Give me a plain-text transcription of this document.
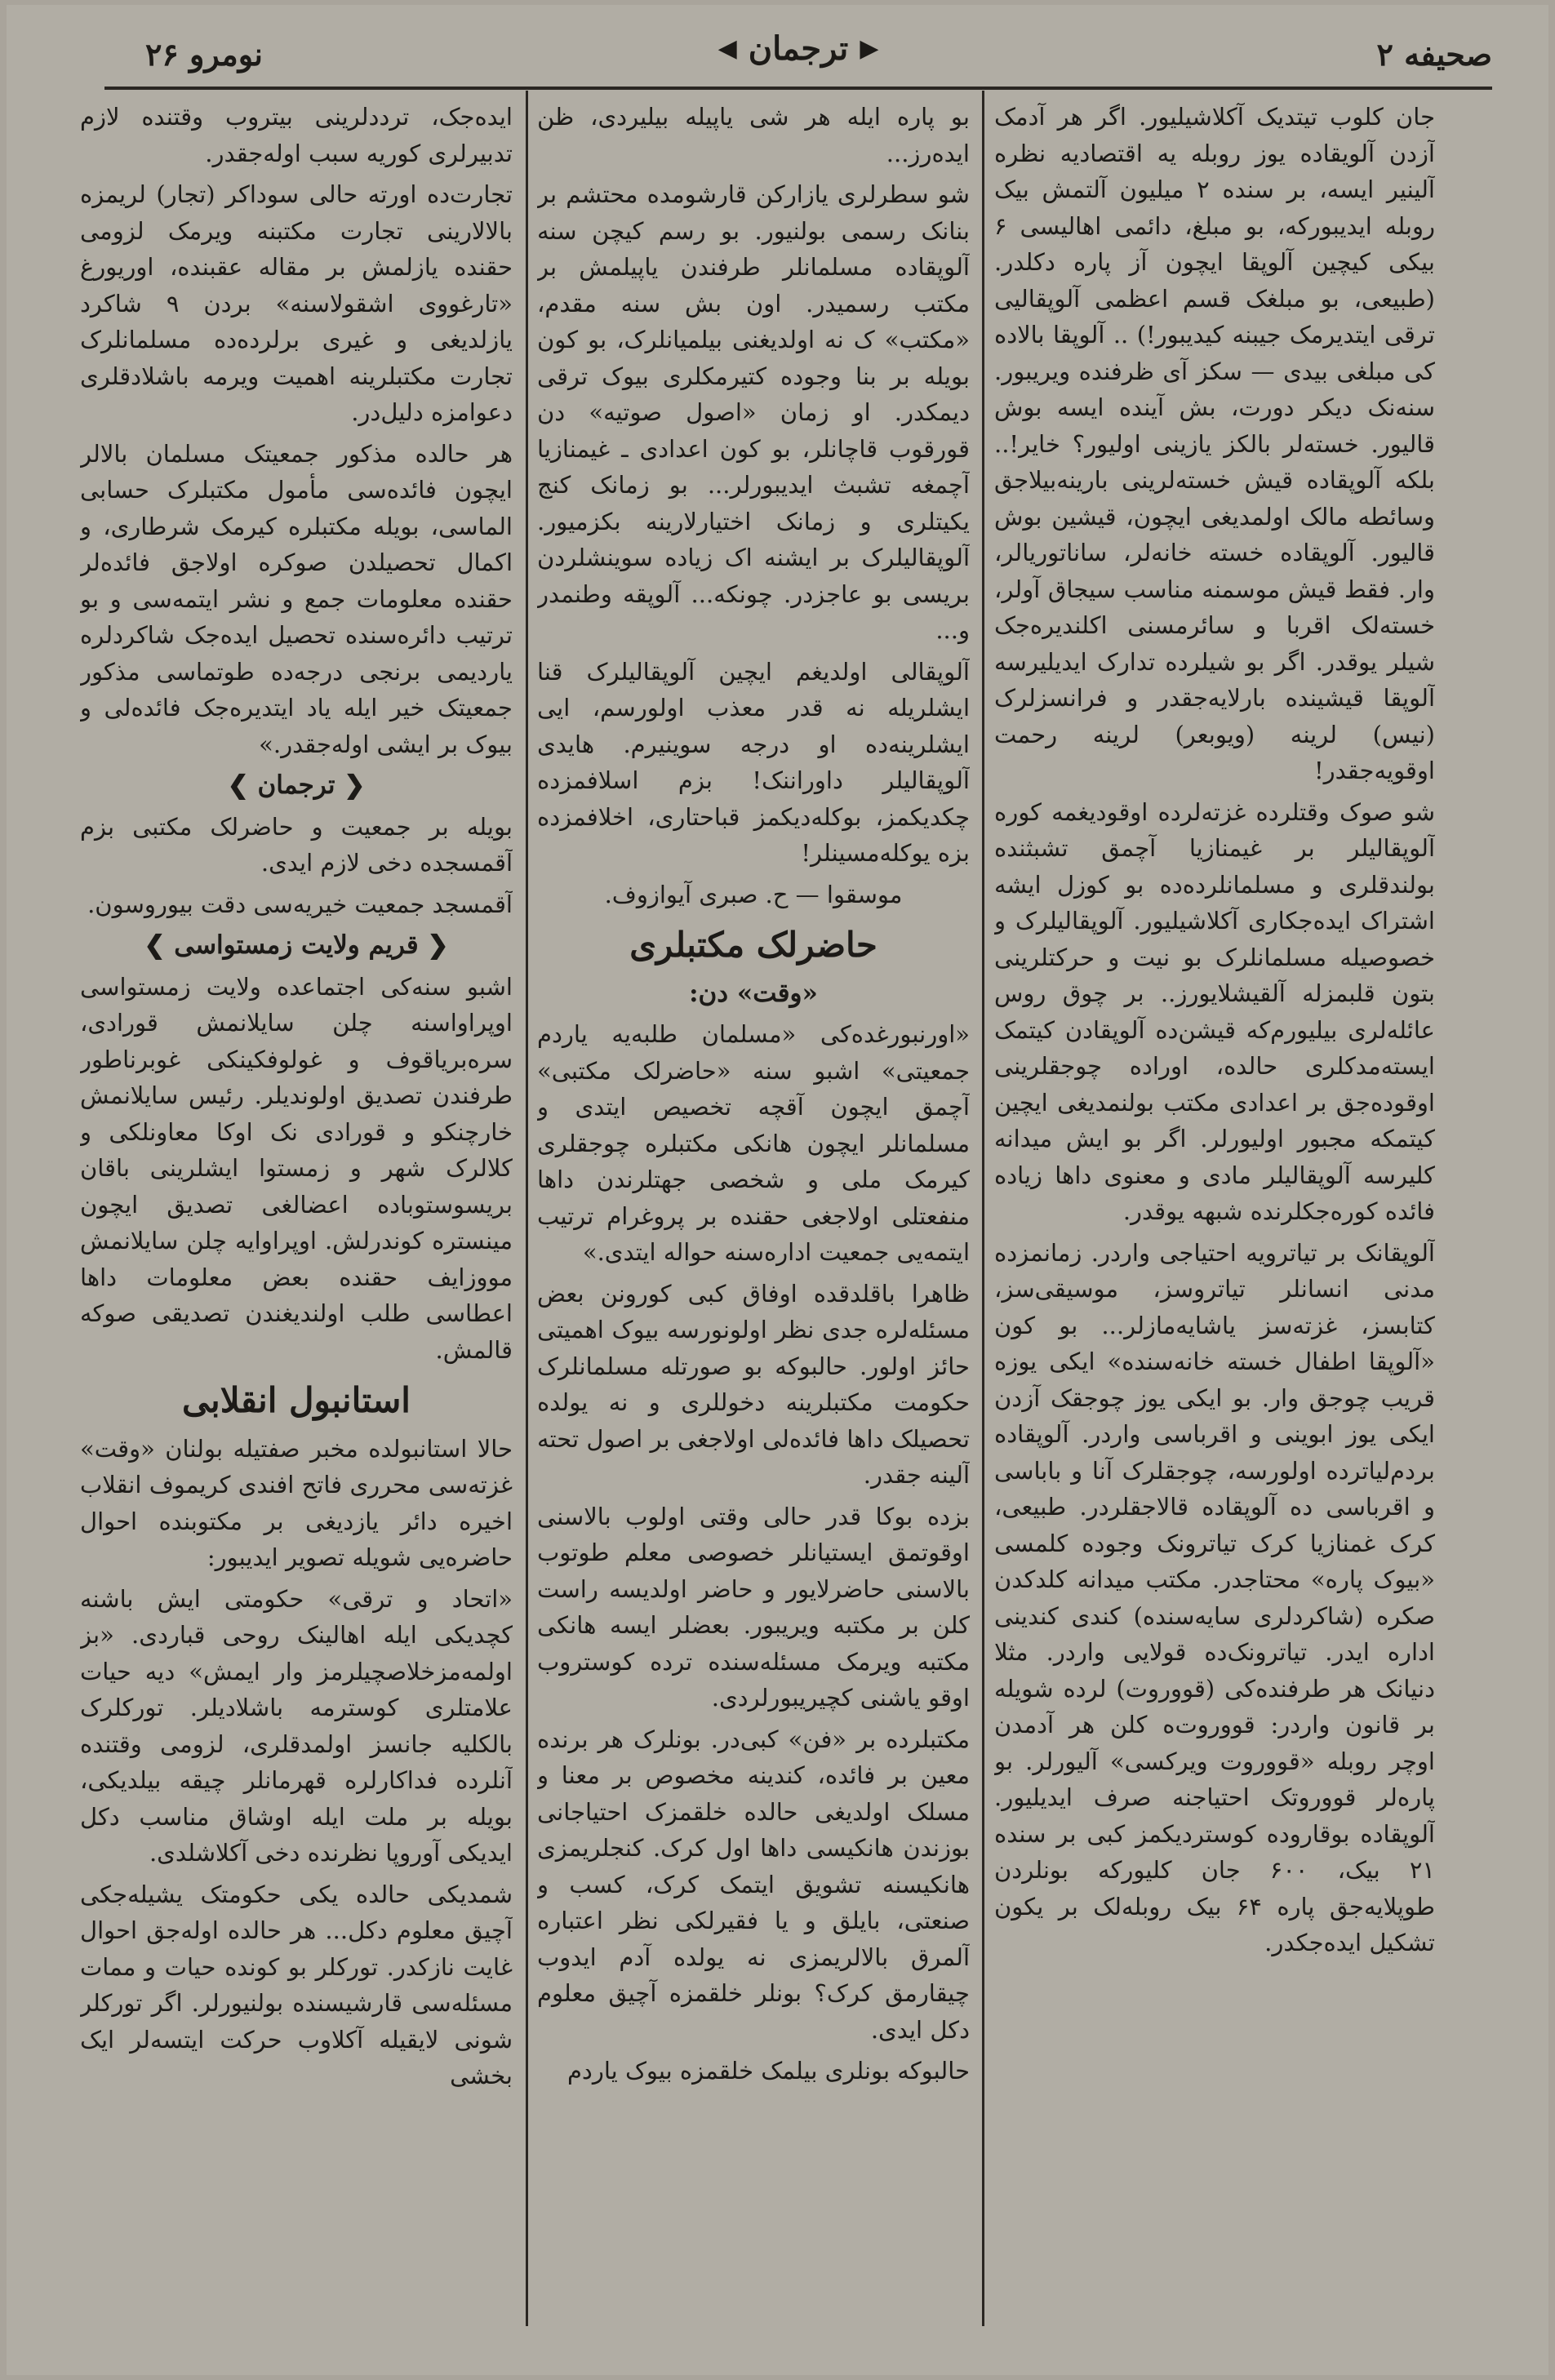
نومرو ۲۶	◀ ترجمان ▶	صحیفه ۲

جان کلوب تیتدیک آکلاشیلیور. اگر هر آدمک آزدن آلویقاده یوز روبله یه اقتصادیه نظره آلینیر ایسه، بر سنده ۲ میلیون آلتمش بیک روبله ایدیبورکه، بو مبلغ، دائمی اهالیسی ۶ بیکی کیچین آلوپقا ایچون آز پاره دکلدر. (طبیعی، بو مبلغک قسم اعظمی آلوپقالیی ترقی ایتدیرمک جیبنه کیدیبور!) .. آلوپقا بالاده کی مبلغی بیدی — سکز آی ظرفنده ویریبور. سنه‌نک دیکر دورت، بش آینده ایسه بوش قالیور. خسته‌لر بالکز یازینی اولیور؟ خایر!.. بلکه آلوپقاده قیش خسته‌لرینی بارینه‌بیلاجق وسائطه مالک اولمدیغی ایچون، قیشین بوش قالیور. آلوپقاده خسته خانه‌لر، ساناتوریالر، وار. فقط قیش موسمنه مناسب سیجاق آولر، خسته‌لک اقربا و سائرمسنی اکلندیره‌جک شیلر یوقدر. اگر بو شیلرده تدارک ایدیلیرسه آلوپقا قیشینده بارلایه‌جقدر و فرانسزلرک (نیس) لرینه (ویوبعر) لرینه رحمت اوقویه‌جقدر!

شو صوک وقتلرده غزته‌لرده اوقودیغمه کوره آلوپقالیلر بر غیمنازیا آچمق تشبثنده بولندقلری و مسلمانلرده‌ده بو کوزل ایشه اشتراک ایده‌جکاری آکلاشیلیور. آلوپقالیلرک و خصوصیله مسلمانلرک بو نیت و حرکتلرینی بتون قلبمزله آلقیشلایورز.. بر چوق روس عائله‌لری بیلیورم‌که قیشن‌ده آلوپقادن کیتمک ایسته‌مدکلری حالده، اوراده چوجقلرینی اوقوده‌جق بر اعدادی مکتب بولنمدیغی ایچین کیتمکه مجبور اولیورلر. اگر بو ایش میدانه کلیرسه آلوپقالیلر مادی و معنوی داها زیاده فائده کوره‌جکلرنده شبهه یوقدر.

آلوپقانک بر تیاترویه احتیاجی واردر. زمانمزده مدنی انسانلر تیاتروسز، موسیقی‌سز، کتابسز، غزته‌سز یاشایه‌مازلر... بو کون «آلوپقا اطفال خسته خانه‌سنده» ایکی یوزه قریب چوجق وار. بو ایکی یوز چوجقک آزدن ایکی یوز ابوینی و اقرباسی واردر. آلوپقاده بردم‌لیاترده اولورسه، چوجقلرک آنا و باباسی و اقرباسی ده آلوپقاده قالاجقلردر. طبیعی، کرک غمنازیا کرک تیاترونک وجوده کلمسی «بیوک پاره» محتاجدر. مکتب میدانه کلدکدن صکره (شاکردلری سایه‌سنده) کندی کندینی اداره ایدر. تیاترونک‌ده قولایی واردر. مثلا دنیانک هر طرفنده‌کی (قووروت) لرده شویله بر قانون واردر: قووروت‌ه کلن هر آدمدن اوچر روبله «قووروت ویرکسی» آلیورلر. بو پاره‌لر قووروتک احتیاجنه صرف ایدیلیور. آلوپقاده بوقاروده کوستردیکمز کبی بر سنده ۲۱ بیک، ۶۰۰ جان کلیورکه بونلردن طوپلایه‌جق پاره ۶۴ بیک روبله‌لک بر یکون تشکیل ایده‌جکدر.

بو پاره ایله هر شی یاپیله بیلیردی، ظن ایده‌رز...

شو سطرلری یازارکن قارشومده محتشم بر بنانک رسمی بولنیور. بو رسم کیچن سنه آلوپقاده مسلمانلر طرفندن یاپیلمش بر مکتب رسمیدر. اون بش سنه مقدم، «مکتب» ک نه اولدیغنی بیلمیانلرک، بو کون بویله بر بنا وجوده کتیرمکلری بیوک ترقی دیمکدر. او زمان «اصول صوتیه» دن قورقوب قاچانلر، بو کون اعدادی ـ غیمنازیا آچمغه تشبث ایدیبورلر... بو زمانک کنج یکیتلری و زمانک اختیارلارینه بکزمیور. آلوپقالیلرک بر ایشنه اک زیاده سوینشلردن بریسی بو عاجزدر. چونکه... آلوپقه وطنمدر و...

آلوپقالی اولدیغم ایچین آلوپقالیلرک قنا ایشلریله نه قدر معذب اولورسم، ایی ایشلرینه‌ده او درجه سوینیرم. هایدی آلوپقالیلر داوراننک! بزم اسلافمزده چکدیکمز، بوکله‌دیکمز قباحتاری، اخلافمزده بزه یوکله‌مسینلر!

موسقوا — ح. صبری آیوازوف.

حاضرلک مکتبلری

«وقت» دن:

«اورنبورغده‌کی «مسلمان طلبه‌یه یاردم جمعیتی» اشبو سنه «حاضرلک مکتبی» آچمق ایچون آقچه تخصیص ایتدی و مسلمانلر ایچون هانکی مکتبلره چوجقلری کیرمک ملی و شخصی جهتلرندن داها منفعتلی اولاجغی حقنده بر پروغرام ترتیب ایتمه‌یی جمعیت اداره‌سنه حواله ایتدی.»

ظاهرا باقلدقده اوفاق کبی کورونن بعض مسئله‌لره جدی نظر اولونورسه بیوک اهمیتی حائز اولور. حالبوکه بو صورتله مسلمانلرک حکومت مکتبلرینه دخوللری و نه یولده تحصیلک داها فائده‌لی اولاجغی بر اصول تحته آلینه جقدر.

بزده بوکا قدر حالی وقتی اولوب بالاسنی اوقوتمق ایستیانلر خصوصی معلم طوتوب بالاسنی حاضرلایور و حاضر اولدیسه راست کلن بر مکتبه ویریبور. بعضلر ایسه هانکی مکتبه ویرمک مسئله‌سنده ترده کوستروب اوقو یاشنی کچیریبورلردی.

مکتبلرده بر «فن» کبی‌در. بونلرک هر برنده معین بر فائده، کندینه مخصوص بر معنا و مسلک اولدیغی حالده خلقمزک احتیاجانی بوزندن هانکیسی داها اول کرک. کنجلریمزی هانکیسنه تشویق ایتمک کرک، کسب و صنعتی، بایلق و یا فقیرلکی نظر اعتباره آلمرق بالالریمزی نه یولده آدم ایدوب چیقارمق کرک؟ بونلر خلقمزه آچیق معلوم دکل ایدی.

حالبوکه بونلری بیلمک خلقمزه بیوک یاردم

ایده‌جک، ترددلرینی بیتروب وقتنده لازم تدبیرلری کوریه سبب اوله‌جقدر.

تجارت‌ده اورته حالی سوداکر (تجار) لریمزه بالالارینی تجارت مکتبنه ویرمک لزومی حقنده یازلمش بر مقاله عقبنده، اوریورغ «تارغووی اشقولاسنه» بردن ۹ شاکرد یازلدیغی و غیری برلرده‌ده مسلمانلرک تجارت مکتبلرینه اهمیت ویرمه باشلادقلری دعوامزه دلیل‌در.

هر حالده مذکور جمعیتک مسلمان بالالر ایچون فائده‌سی مأمول مکتبلرک حسابی الماسی، بویله مکتبلره کیرمک شرطاری، و اکمال تحصیلدن صوکره اولاجق فائده‌لر حقنده معلومات جمع و نشر ایتمه‌سی و بو ترتیب دائره‌سنده تحصیل ایده‌جک شاکردلره یاردیمی برنجی درجه‌ده طوتماسی مذکور جمعیتک خیر ایله یاد ایتدیره‌جک فائده‌لی و بیوک بر ایشی اوله‌جقدر.»

❮ ترجمان ❯

بویله بر جمعیت و حاضرلک مکتبی بزم آقمسجده دخی لازم ایدی.

آقمسجد جمعیت خیریه‌سی دقت بیوروسون.

❮ قریم ولایت زمستواسی ❯

اشبو سنه‌کی اجتماعده ولایت زمستواسی اوپراوا‌سنه چلن سایلانمش قورادی، سره‌بریاقوف و غولوفکینکی غوبرناطور طرفندن تصدیق اولوندیلر. رئیس سایلانمش خارچنکو و قورادی نک اوکا معاونلکی و کلالرک شهر و زمستوا ایشلرینی باقان بریسوستوباده اعضالغی تصدیق ایچون مینستره کوندرلش. اوپراوایه چلن سایلانمش مووزایف حقنده بعض معلومات داها اعطاسی طلب اولندیغندن تصدیقی صوکه قالمش.

استانبول انقلابی

حالا استانبولده مخبر صفتیله بولنان «وقت» غزته‌سی محرری فاتح افندی کریموف انقلاب اخیره دائر یازدیغی بر مکتوبنده احوال حاضره‌یی شویله تصویر ایدیبور:

«اتحاد و ترقی» حکومتی ایش باشنه کچدیکی ایله اهالینک روحی قباردی. «بز اولمه‌مزخلاصچیلرمز وار ایمش» دیه حیات علامتلری کوسترمه باشلادیلر. تورکلرک بالکلیه جانسز اولمدقلری، لزومی وقتنده آنلرده فداکارلره قهرمانلر چیقه بیلدیکی، بویله بر ملت ایله اوشاق مناسب دکل ایدیکی آوروپا نظرنده دخی آکلاشلدی.

شمدیکی حالده یکی حکومتک یشیله‌جکی آچیق معلوم دکل... هر حالده اوله‌جق احوال غایت نازکدر. تورکلر بو کونده حیات و ممات مسئله‌سی قارشیسنده بولنیورلر. اگر تورکلر شونی لایقیله آکلاوب حرکت ایتسه‌لر ایک بخشی
